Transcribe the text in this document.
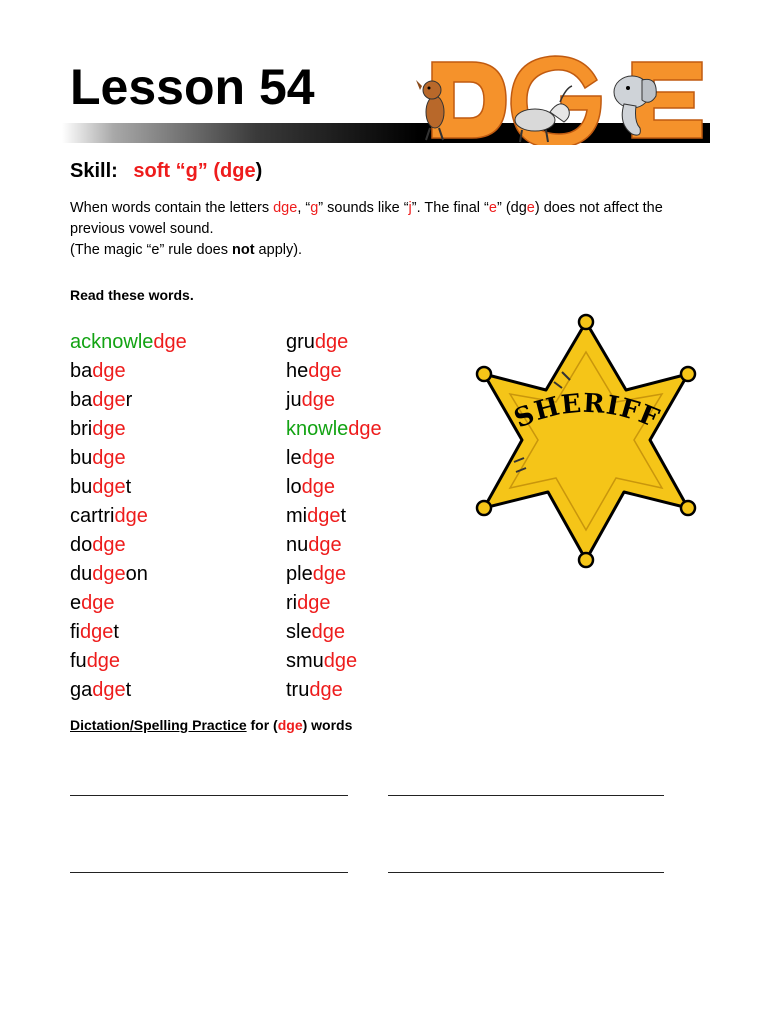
Lesson 54
Skill: soft “g” (dge)

When words contain the letters dge, “g” sounds like “j”. The final “e” (dge) does not affect the previous vowel sound.

(The magic “e” rule does not apply).

Read these words.
acknowledge
badge
badger
bridge
budge
budget
cartridge
dodge
dudgeon
edge
fidget
fudge
gadget
grudge
hedge
judge
knowledge
ledge
lodge
midget
nudge
pledge
ridge
sledge
smudge
trudge
SHERIFF
Dictation/Spelling Practice for (dge) words
